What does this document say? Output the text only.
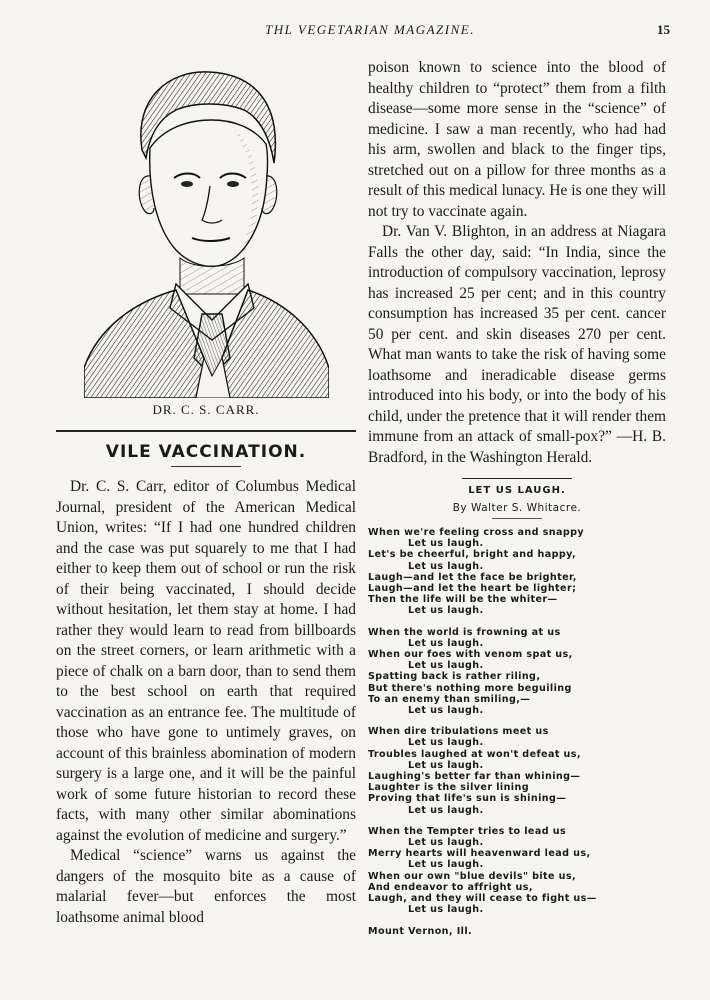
THL VEGETARIAN MAGAZINE.	15
DR. C. S. CARR.
VILE VACCINATION.

Dr. C. S. Carr, editor of Columbus Medical Journal, president of the American Medical Union, writes: “If I had one hundred children and the case was put squarely to me that I had either to keep them out of school or run the risk of their being vaccinated, I should decide without hesitation, let them stay at home. I had rather they would learn to read from billboards on the street corners, or learn arithmetic with a piece of chalk on a barn door, than to send them to the best school on earth that required vaccination as an entrance fee. The multitude of those who have gone to untimely graves, on account of this brainless abomination of modern surgery is a large one, and it will be the painful work of some future historian to record these facts, with many other similar abominations against the evolution of medicine and surgery.”

Medical “science” warns us against the dangers of the mosquito bite as a cause of malarial fever—but enforces the most loathsome animal blood

poison known to science into the blood of healthy children to “protect” them from a filth disease—some more sense in the “science” of medicine. I saw a man recently, who had had his arm, swollen and black to the finger tips, stretched out on a pillow for three months as a result of this medical lunacy. He is one they will not try to vaccinate again.

Dr. Van V. Blighton, in an address at Niagara Falls the other day, said: “In India, since the introduction of compulsory vaccination, leprosy has increased 25 per cent; and in this country consumption has increased 35 per cent. cancer 50 per cent. and skin diseases 270 per cent. What man wants to take the risk of having some loathsome and ineradicable disease germs introduced into his body, or into the body of his child, under the pretence that it will render them immune from an attack of small-pox?” —H. B. Bradford, in the Washington Herald.

LET US LAUGH.
By Walter S. Whitacre.
When we're feeling cross and snappy
Let us laugh.
Let's be cheerful, bright and happy,
Let us laugh.
Laugh—and let the face be brighter,
Laugh—and let the heart be lighter;
Then the life will be the whiter—
Let us laugh.
When the world is frowning at us
Let us laugh.
When our foes with venom spat us,
Let us laugh.
Spatting back is rather riling,
But there's nothing more beguiling
To an enemy than smiling,—
Let us laugh.
When dire tribulations meet us
Let us laugh.
Troubles laughed at won't defeat us,
Let us laugh.
Laughing's better far than whining—
Laughter is the silver lining
Proving that life's sun is shining—
Let us laugh.
When the Tempter tries to lead us
Let us laugh.
Merry hearts will heavenward lead us,
Let us laugh.
When our own "blue devils" bite us,
And endeavor to affright us,
Laugh, and they will cease to fight us—
Let us laugh.
Mount Vernon, Ill.
